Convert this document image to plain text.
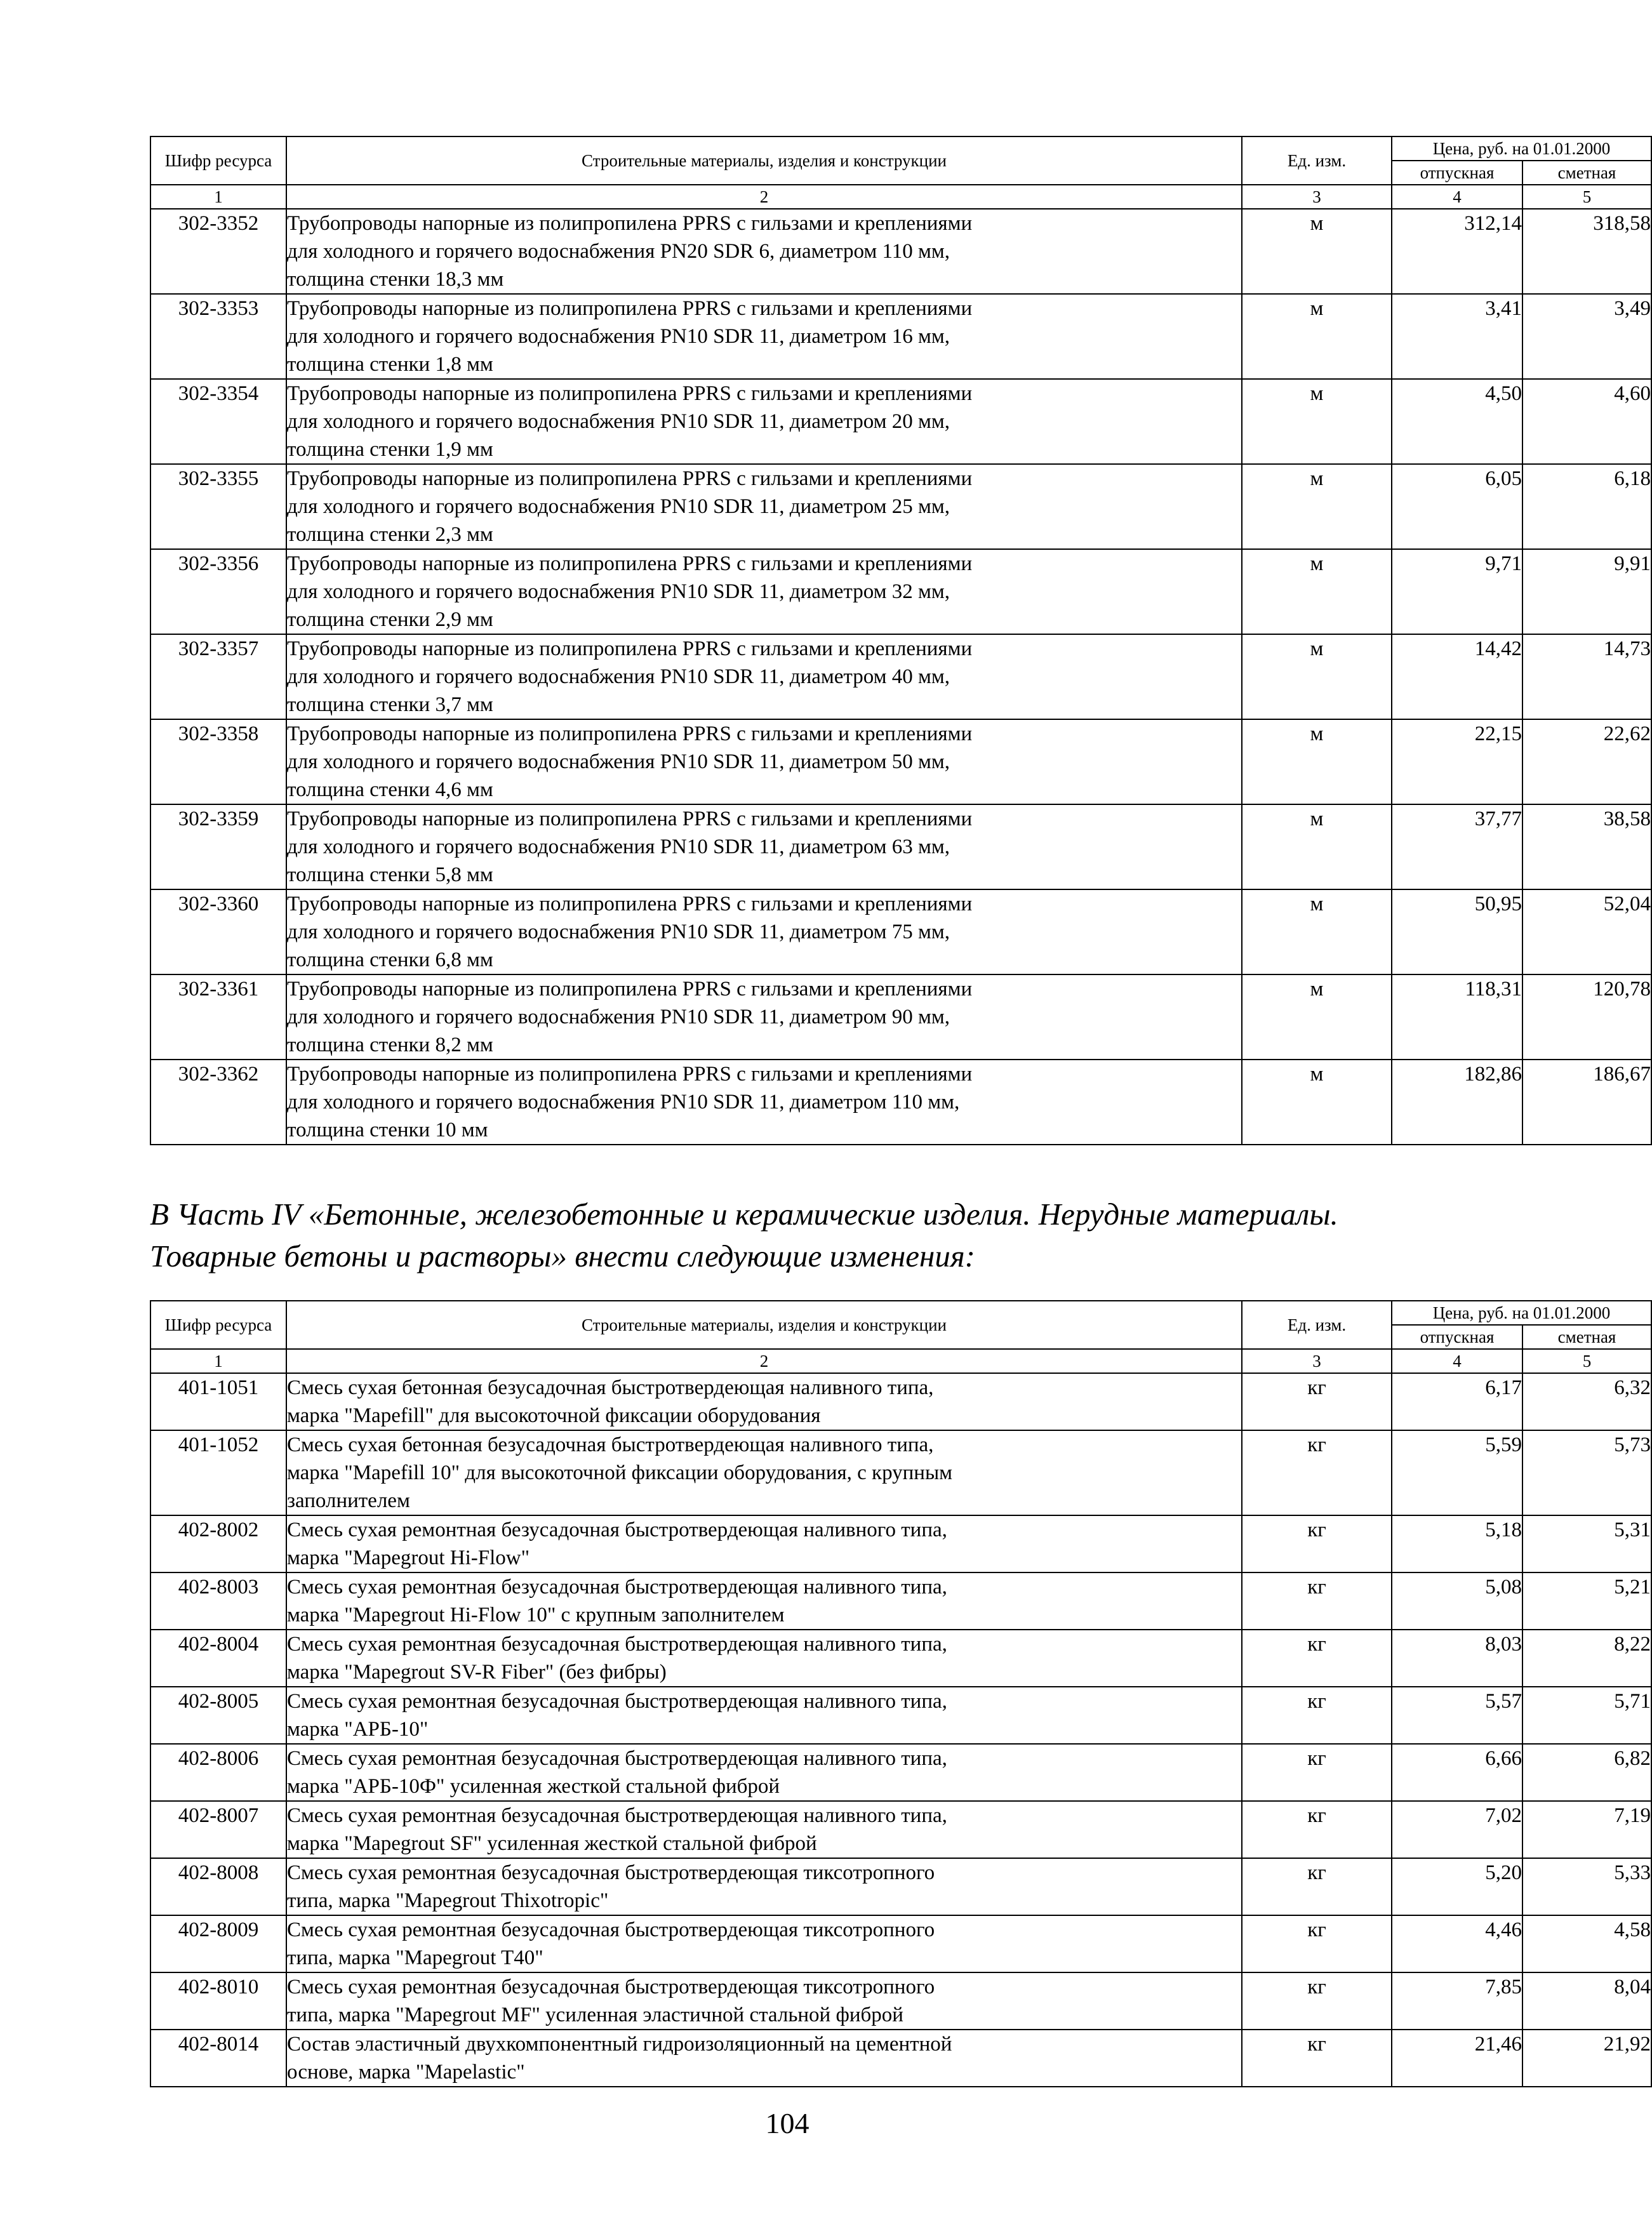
Шифр ресурса	Строительные материалы, изделия и конструкции	Ед. изм.	Цена, руб. на 01.01.2000	
			отпускная	сметная
1	2	3	4	5
302-3352	Трубопроводы напорные из полипропилена PPRS с гильзами и креплениями
для холодного и горячего водоснабжения PN20 SDR 6, диаметром 110 мм,
толщина стенки 18,3 мм	м	312,14	318,58
302-3353	Трубопроводы напорные из полипропилена PPRS с гильзами и креплениями
для холодного и горячего водоснабжения PN10 SDR 11, диаметром 16 мм,
толщина стенки 1,8 мм	м	3,41	3,49
302-3354	Трубопроводы напорные из полипропилена PPRS с гильзами и креплениями
для холодного и горячего водоснабжения PN10 SDR 11, диаметром 20 мм,
толщина стенки 1,9 мм	м	4,50	4,60
302-3355	Трубопроводы напорные из полипропилена PPRS с гильзами и креплениями
для холодного и горячего водоснабжения PN10 SDR 11, диаметром 25 мм,
толщина стенки 2,3 мм	м	6,05	6,18
302-3356	Трубопроводы напорные из полипропилена PPRS с гильзами и креплениями
для холодного и горячего водоснабжения PN10 SDR 11, диаметром 32 мм,
толщина стенки 2,9 мм	м	9,71	9,91
302-3357	Трубопроводы напорные из полипропилена PPRS с гильзами и креплениями
для холодного и горячего водоснабжения PN10 SDR 11, диаметром 40 мм,
толщина стенки 3,7 мм	м	14,42	14,73
302-3358	Трубопроводы напорные из полипропилена PPRS с гильзами и креплениями
для холодного и горячего водоснабжения PN10 SDR 11, диаметром 50 мм,
толщина стенки 4,6 мм	м	22,15	22,62
302-3359	Трубопроводы напорные из полипропилена PPRS с гильзами и креплениями
для холодного и горячего водоснабжения PN10 SDR 11, диаметром 63 мм,
толщина стенки 5,8 мм	м	37,77	38,58
302-3360	Трубопроводы напорные из полипропилена PPRS с гильзами и креплениями
для холодного и горячего водоснабжения PN10 SDR 11, диаметром 75 мм,
толщина стенки 6,8 мм	м	50,95	52,04
302-3361	Трубопроводы напорные из полипропилена PPRS с гильзами и креплениями
для холодного и горячего водоснабжения PN10 SDR 11, диаметром 90 мм,
толщина стенки 8,2 мм	м	118,31	120,78
302-3362	Трубопроводы напорные из полипропилена PPRS с гильзами и креплениями
для холодного и горячего водоснабжения PN10 SDR 11, диаметром 110 мм,
толщина стенки 10 мм	м	182,86	186,67
В Часть IV «Бетонные, железобетонные и керамические изделия. Нерудные материалы.
Товарные бетоны и растворы» внести следующие изменения:
Шифр ресурса	Строительные материалы, изделия и конструкции	Ед. изм.	Цена, руб. на 01.01.2000	
			отпускная	сметная
1	2	3	4	5
401-1051	Смесь сухая бетонная безусадочная быстротвердеющая наливного типа,
марка "Mapefill" для высокоточной фиксации оборудования	кг	6,17	6,32
401-1052	Смесь сухая бетонная безусадочная быстротвердеющая наливного типа,
марка "Mapefill 10" для высокоточной фиксации оборудования, с крупным
заполнителем	кг	5,59	5,73
402-8002	Смесь сухая ремонтная безусадочная быстротвердеющая наливного типа,
марка "Mapegrout Hi-Flow"	кг	5,18	5,31
402-8003	Смесь сухая ремонтная безусадочная быстротвердеющая наливного типа,
марка "Mapegrout Hi-Flow 10" с крупным заполнителем	кг	5,08	5,21
402-8004	Смесь сухая ремонтная безусадочная быстротвердеющая наливного типа,
марка "Mapegrout SV-R Fiber" (без фибры)	кг	8,03	8,22
402-8005	Смесь сухая ремонтная безусадочная быстротвердеющая наливного типа,
марка "АРБ-10"	кг	5,57	5,71
402-8006	Смесь сухая ремонтная безусадочная быстротвердеющая наливного типа,
марка "АРБ-10Ф" усиленная жесткой стальной фиброй	кг	6,66	6,82
402-8007	Смесь сухая ремонтная безусадочная быстротвердеющая наливного типа,
марка "Mapegrout SF" усиленная жесткой стальной фиброй	кг	7,02	7,19
402-8008	Смесь сухая ремонтная безусадочная быстротвердеющая тиксотропного
типа, марка "Mapegrout Thixotropic"	кг	5,20	5,33
402-8009	Смесь сухая ремонтная безусадочная быстротвердеющая тиксотропного
типа, марка "Mapegrout T40"	кг	4,46	4,58
402-8010	Смесь сухая ремонтная безусадочная быстротвердеющая тиксотропного
типа, марка "Mapegrout MF" усиленная эластичной стальной фиброй	кг	7,85	8,04
402-8014	Состав эластичный двухкомпонентный гидроизоляционный на цементной
основе, марка "Mapelastic"	кг	21,46	21,92
104
